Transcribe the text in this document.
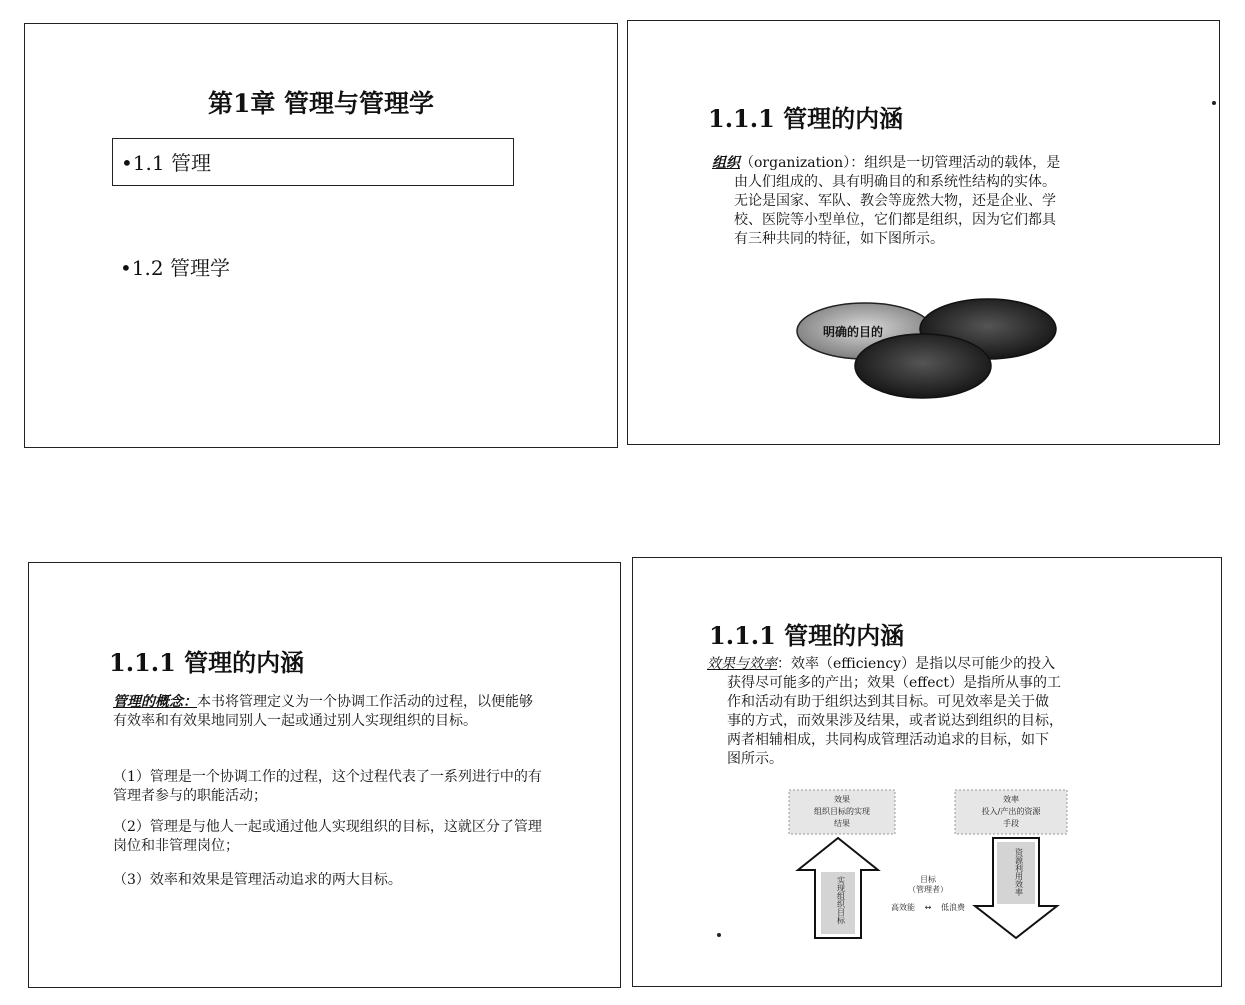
第1章 管理与管理学
•1.1 管理
•1.2 管理学
1.1.1 管理的内涵
组织（organization）：组织是一切管理活动的载体，是
由人们组成的、具有明确目的和系统性结构的实体。
无论是国家、军队、教会等庞然大物，还是企业、学
校、医院等小型单位，它们都是组织，因为它们都具
有三种共同的特征，如下图所示。
明确的目的
1.1.1 管理的内涵
管理的概念：本书将管理定义为一个协调工作活动的过程，以便能够有效率和有效果地同别人一起或通过别人实现组织的目标。
（1）管理是一个协调工作的过程，这个过程代表了一系列进行中的有管理者参与的职能活动；
（2）管理是与他人一起或通过他人实现组织的目标，这就区分了管理岗位和非管理岗位；
（3）效率和效果是管理活动追求的两大目标。
1.1.1 管理的内涵
效果与效率：效率（efficiency）是指以尽可能少的投入
获得尽可能多的产出；效果（effect）是指所从事的工
作和活动有助于组织达到其目标。可见效率是关于做
事的方式，而效果涉及结果，或者说达到组织的目标，
两者相辅相成，共同构成管理活动追求的目标，如下
图所示。
效果
组织目标的实现
结果
效率
投入/产出的资源
手段
实现组织目标
资源利用效率
目标
（管理者）
高效能 ↔ 低浪费
